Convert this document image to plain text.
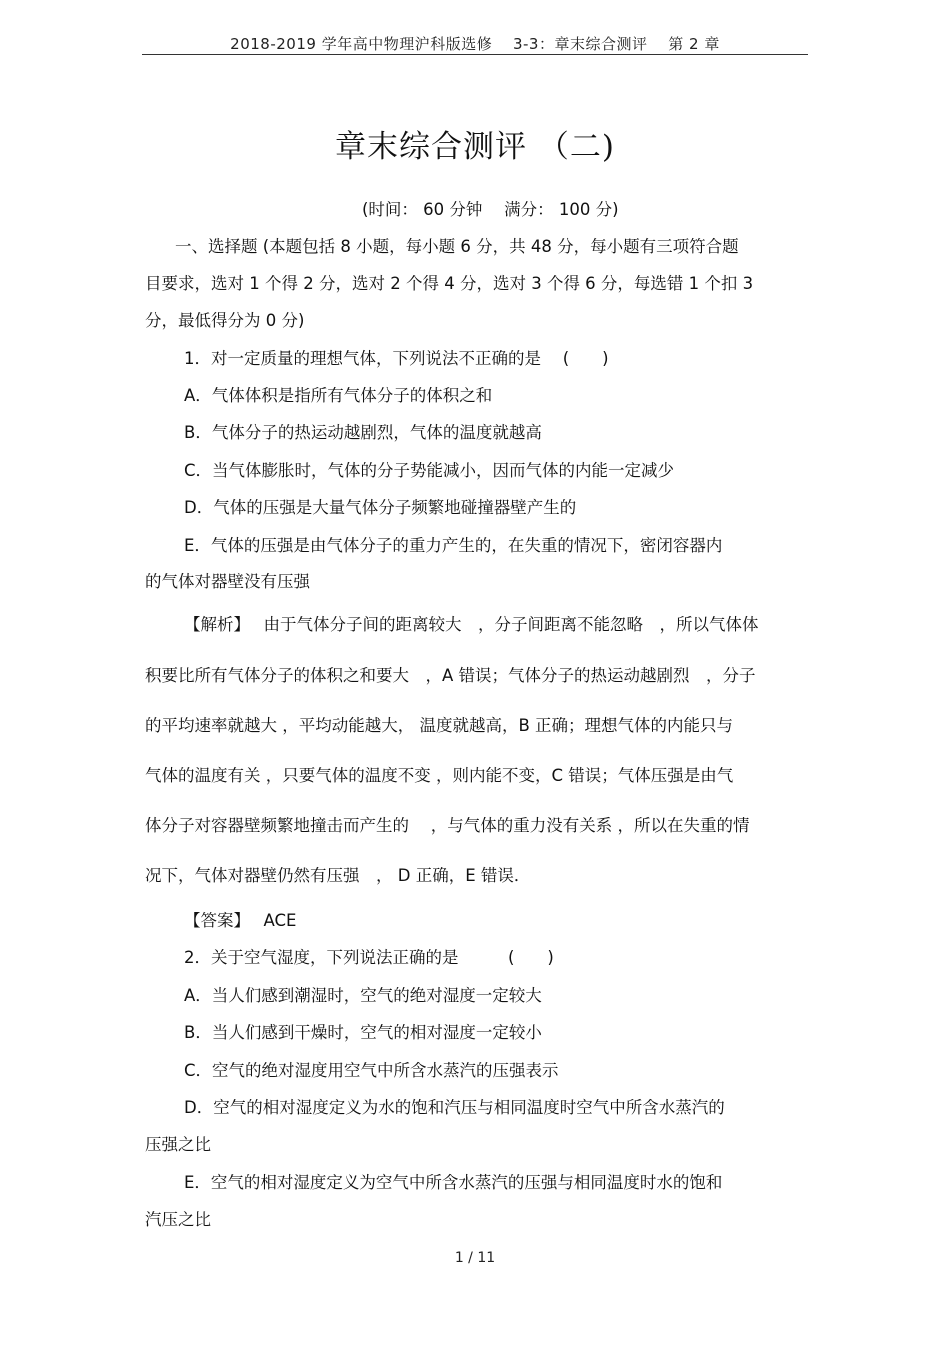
2018-2019 学年高中物理沪科版选修　 3-3：章末综合测评　 第 2 章
章末综合测评 （二)
(时间： 60 分钟　 满分： 100 分)
一、选择题 (本题包括 8 小题，每小题 6 分，共 48 分，每小题有三项符合题
目要求，选对 1 个得 2 分，选对 2 个得 4 分，选对 3 个得 6 分，每选错 1 个扣 3
分，最低得分为 0 分)
1．对一定质量的理想气体，下列说法不正确的是　 (　　)
A．气体体积是指所有气体分子的体积之和
B．气体分子的热运动越剧烈，气体的温度就越高
C．当气体膨胀时，气体的分子势能减小，因而气体的内能一定减少
D．气体的压强是大量气体分子频繁地碰撞器壁产生的
E．气体的压强是由气体分子的重力产生的，在失重的情况下，密闭容器内
的气体对器壁没有压强
【解析】　 由于气体分子间的距离较大　，分子间距离不能忽略　，所以气体体
积要比所有气体分子的体积之和要大　，A 错误；气体分子的热运动越剧烈　，分子
的平均速率就越大 ，平均动能越大， 温度就越高，B 正确；理想气体的内能只与
气体的温度有关 ，只要气体的温度不变 ，则内能不变，C 错误；气体压强是由气
体分子对容器壁频繁地撞击而产生的　 ，与气体的重力没有关系 ，所以在失重的情
况下，气体对器壁仍然有压强　， D 正确，E 错误．
【答案】　 ACE
2．关于空气湿度，下列说法正确的是　　　(　　)
A．当人们感到潮湿时，空气的绝对湿度一定较大
B．当人们感到干燥时，空气的相对湿度一定较小
C．空气的绝对湿度用空气中所含水蒸汽的压强表示
D．空气的相对湿度定义为水的饱和汽压与相同温度时空气中所含水蒸汽的
压强之比
E．空气的相对湿度定义为空气中所含水蒸汽的压强与相同温度时水的饱和
汽压之比
1 / 11
